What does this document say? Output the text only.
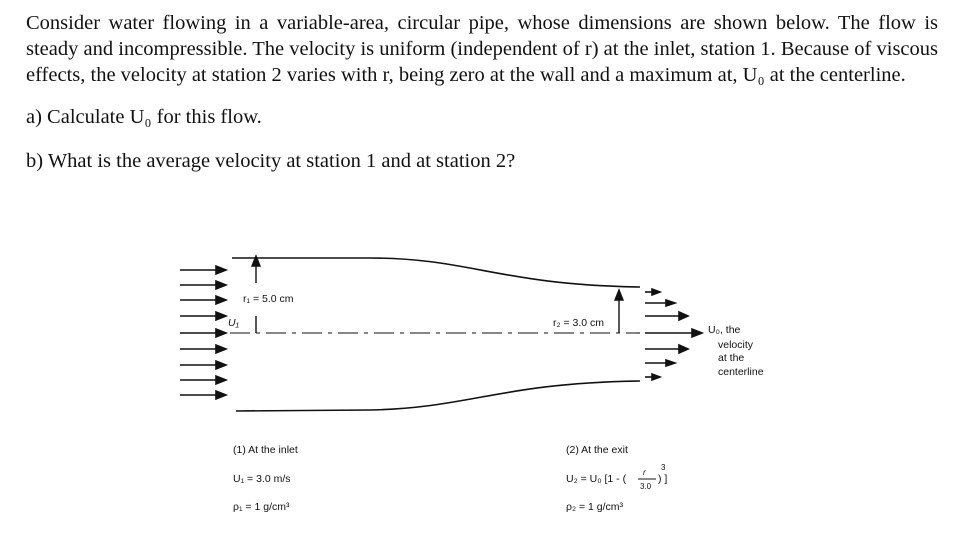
Consider water flowing in a variable-area, circular pipe, whose dimensions are shown below. The flow is steady and incompressible. The velocity is uniform (independent of r) at the inlet, station 1. Because of viscous effects, the velocity at station 2 varies with r, being zero at the wall and a maximum at, U₀ at the centerline.

a) Calculate U₀ for this flow.

b) What is the average velocity at station 1 and at station 2?

r₁ = 5.0 cm
U₁	r₂ = 3.0 cm
U₀, the
velocity
at the
centerline
(1) At the inlet
U₁ = 3.0 m/s
ρ₁ = 1 g/cm³
(2) At the exit
U₂ = U₀ [1 - (
r
3.0
3
) ]
ρ₂ = 1 g/cm³
